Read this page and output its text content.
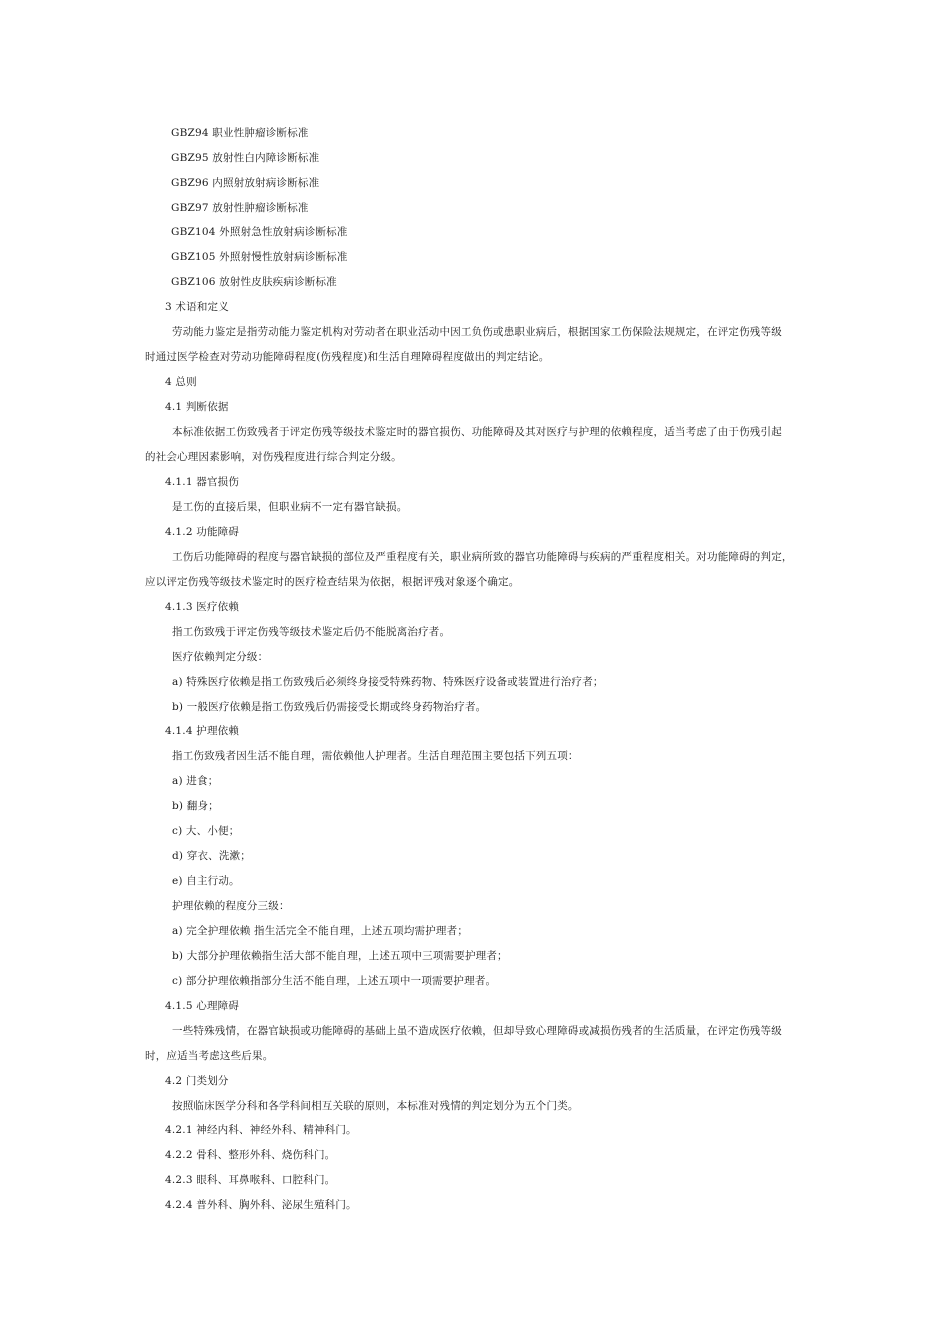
GBZ94 职业性肿瘤诊断标准
GBZ95 放射性白内障诊断标准
GBZ96 内照射放射病诊断标准
GBZ97 放射性肿瘤诊断标准
GBZ104 外照射急性放射病诊断标准
GBZ105 外照射慢性放射病诊断标准
GBZ106 放射性皮肤疾病诊断标准
3 术语和定义
劳动能力鉴定是指劳动能力鉴定机构对劳动者在职业活动中因工负伤或患职业病后，根据国家工伤保险法规规定，在评定伤残等级
时通过医学检查对劳动功能障碍程度(伤残程度)和生活自理障碍程度做出的判定结论。
4 总则
4.1 判断依据
本标准依据工伤致残者于评定伤残等级技术鉴定时的器官损伤、功能障碍及其对医疗与护理的依赖程度，适当考虑了由于伤残引起
的社会心理因素影响，对伤残程度进行综合判定分级。
4.1.1 器官损伤
是工伤的直接后果，但职业病不一定有器官缺损。
4.1.2 功能障碍
工伤后功能障碍的程度与器官缺损的部位及严重程度有关，职业病所致的器官功能障碍与疾病的严重程度相关。对功能障碍的判定，
应以评定伤残等级技术鉴定时的医疗检查结果为依据，根据评残对象逐个确定。
4.1.3 医疗依赖
指工伤致残于评定伤残等级技术鉴定后仍不能脱离治疗者。
医疗依赖判定分级：
a) 特殊医疗依赖是指工伤致残后必须终身接受特殊药物、特殊医疗设备或装置进行治疗者；
b) 一般医疗依赖是指工伤致残后仍需接受长期或终身药物治疗者。
4.1.4 护理依赖
指工伤致残者因生活不能自理，需依赖他人护理者。生活自理范围主要包括下列五项：
a) 进食；
b) 翻身；
c) 大、小便；
d) 穿衣、洗漱；
e) 自主行动。
护理依赖的程度分三级：
a) 完全护理依赖 指生活完全不能自理，上述五项均需护理者；
b) 大部分护理依赖指生活大部不能自理，上述五项中三项需要护理者；
c) 部分护理依赖指部分生活不能自理，上述五项中一项需要护理者。
4.1.5 心理障碍
一些特殊残情，在器官缺损或功能障碍的基础上虽不造成医疗依赖，但却导致心理障碍或减损伤残者的生活质量，在评定伤残等级
时，应适当考虑这些后果。
4.2 门类划分
按照临床医学分科和各学科间相互关联的原则，本标准对残情的判定划分为五个门类。
4.2.1 神经内科、神经外科、精神科门。
4.2.2 骨科、整形外科、烧伤科门。
4.2.3 眼科、耳鼻喉科、口腔科门。
4.2.4 普外科、胸外科、泌尿生殖科门。
